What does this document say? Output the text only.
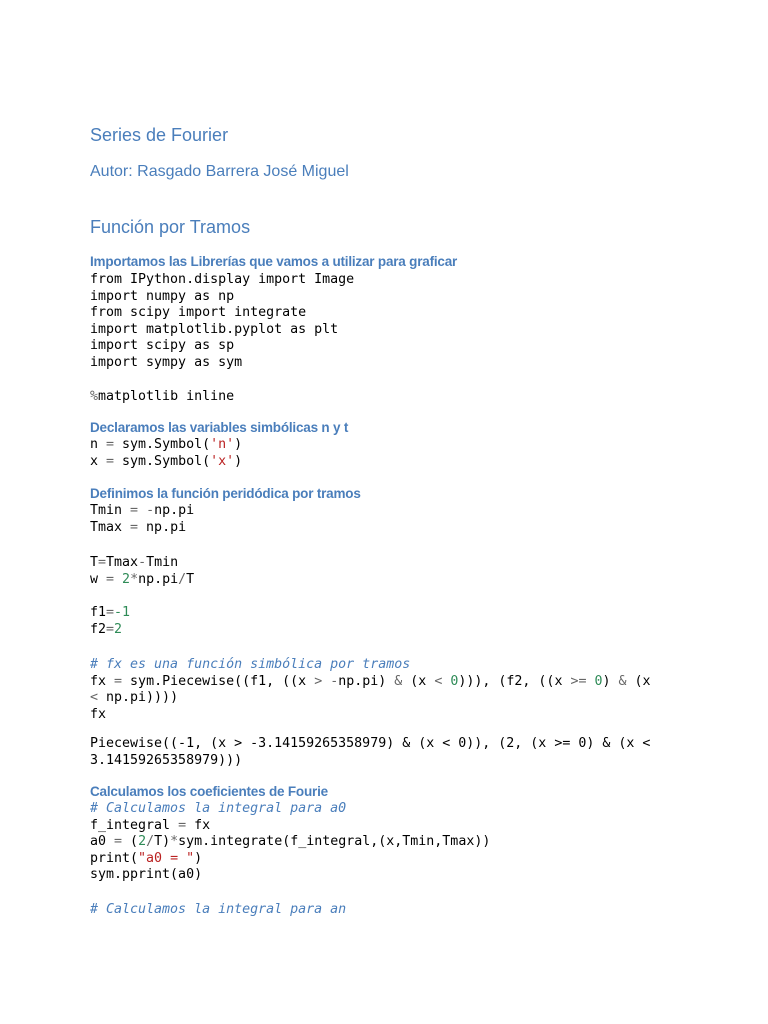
Series de Fourier
Autor: Rasgado Barrera José Miguel
Función por Tramos
Importamos las Librerías que vamos a utilizar para graficar
from IPython.display import Image
import numpy as np
from scipy import integrate
import matplotlib.pyplot as plt
import scipy as sp
import sympy as sym
%matplotlib inline
Declaramos las variables simbólicas n y t
n = sym.Symbol('n')
x = sym.Symbol('x')
Definimos la función peridódica por tramos
Tmin = -np.pi
Tmax = np.pi
T=Tmax-Tmin
w = 2*np.pi/T
f1=-1
f2=2
# fx es una función simbólica por tramos
fx = sym.Piecewise((f1, ((x > -np.pi) & (x < 0))), (f2, ((x >= 0) & (x
< np.pi))))
fx
Piecewise((-1, (x > -3.14159265358979) & (x < 0)), (2, (x >= 0) & (x <
3.14159265358979)))
Calculamos los coeficientes de Fourie
# Calculamos la integral para a0
f_integral = fx
a0 = (2/T)*sym.integrate(f_integral,(x,Tmin,Tmax))
print("a0 = ")
sym.pprint(a0)
# Calculamos la integral para an
